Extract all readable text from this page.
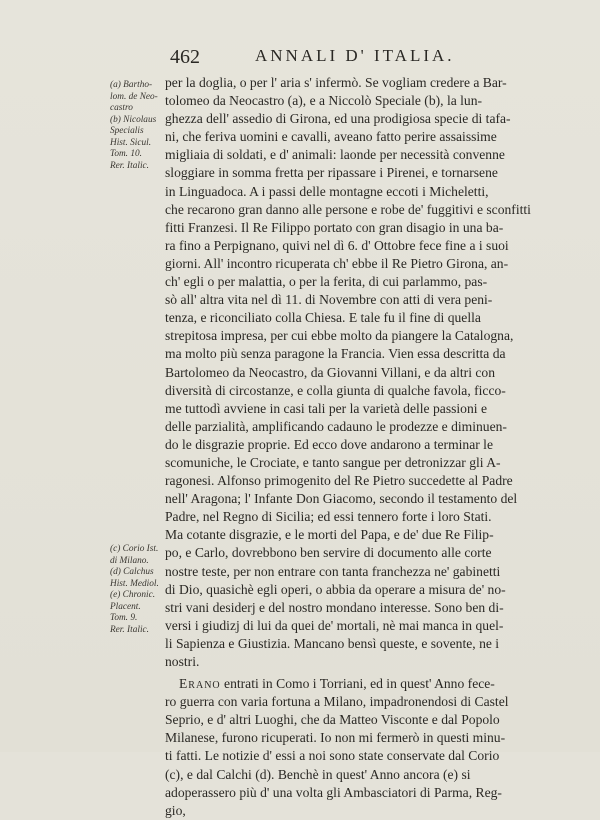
462	ANNALI D' ITALIA.
(a) Bartho-
lom. de Neo-
castro
(b) Nicolaus
Specialis
Hist. Sicul.
Tom. 10.
Rer. Italic.
(c) Corio Ist.
di Milano.
(d) Calchus
Hist. Mediol.
(e) Chronic.
Placent.
Tom. 9.
Rer. Italic.
per la doglia, o per l' aria s' infermò. Se vogliam credere a Bar-
tolomeo da Neocastro (a), e a Niccolò Speciale (b), la lun-
ghezza dell' assedio di Girona, ed una prodigiosa specie di tafa-
ni, che feriva uomini e cavalli, aveano fatto perire assaissime
migliaia di soldati, e d' animali: laonde per necessità convenne
sloggiare in somma fretta per ripassare i Pirenei, e tornarsene
in Linguadoca. A i passi delle montagne eccoti i Micheletti,
che recarono gran danno alle persone e robe de' fuggitivi e sconfitti
fitti Franzesi. Il Re Filippo portato con gran disagio in una ba-
ra fino a Perpignano, quivi nel dì 6. d' Ottobre fece fine a i suoi
giorni. All' incontro ricuperata ch' ebbe il Re Pietro Girona, an-
ch' egli o per malattia, o per la ferita, di cui parlammo, pas-
sò all' altra vita nel dì 11. di Novembre con atti di vera peni-
tenza, e riconciliato colla Chiesa. E tale fu il fine di quella
strepitosa impresa, per cui ebbe molto da piangere la Catalogna,
ma molto più senza paragone la Francia. Vien essa descritta da
Bartolomeo da Neocastro, da Giovanni Villani, e da altri con
diversità di circostanze, e colla giunta di qualche favola, ficco-
me tuttodì avviene in casi tali per la varietà delle passioni e
delle parzialità, amplificando cadauno le prodezze e diminuen-
do le disgrazie proprie. Ed ecco dove andarono a terminar le
scomuniche, le Crociate, e tanto sangue per detronizzar gli A-
ragonesi. Alfonso primogenito del Re Pietro succedette al Padre
nell' Aragona; l' Infante Don Giacomo, secondo il testamento del
Padre, nel Regno di Sicilia; ed essi tennero forte i loro Stati.
Ma cotante disgrazie, e le morti del Papa, e de' due Re Filip-
po, e Carlo, dovrebbono ben servire di documento alle corte
nostre teste, per non entrare con tanta franchezza ne' gabinetti
di Dio, quasichè egli operi, o abbia da operare a misura de' no-
stri vani desiderj e del nostro mondano interesse. Sono ben di-
versi i giudizj di lui da quei de' mortali, nè mai manca in quel-
li Sapienza e Giustizia. Mancano bensì queste, e sovente, ne i
nostri.
Erano entrati in Como i Torriani, ed in quest' Anno fece-
ro guerra con varia fortuna a Milano, impadronendosi di Castel
Seprio, e d' altri Luoghi, che da Matteo Visconte e dal Popolo
Milanese, furono ricuperati. Io non mi fermerò in questi minu-
ti fatti. Le notizie d' essi a noi sono state conservate dal Corio
(c), e dal Calchi (d). Benchè in quest' Anno ancora (e) si
adoperassero più d' una volta gli Ambasciatori di Parma, Reg-
gio,
